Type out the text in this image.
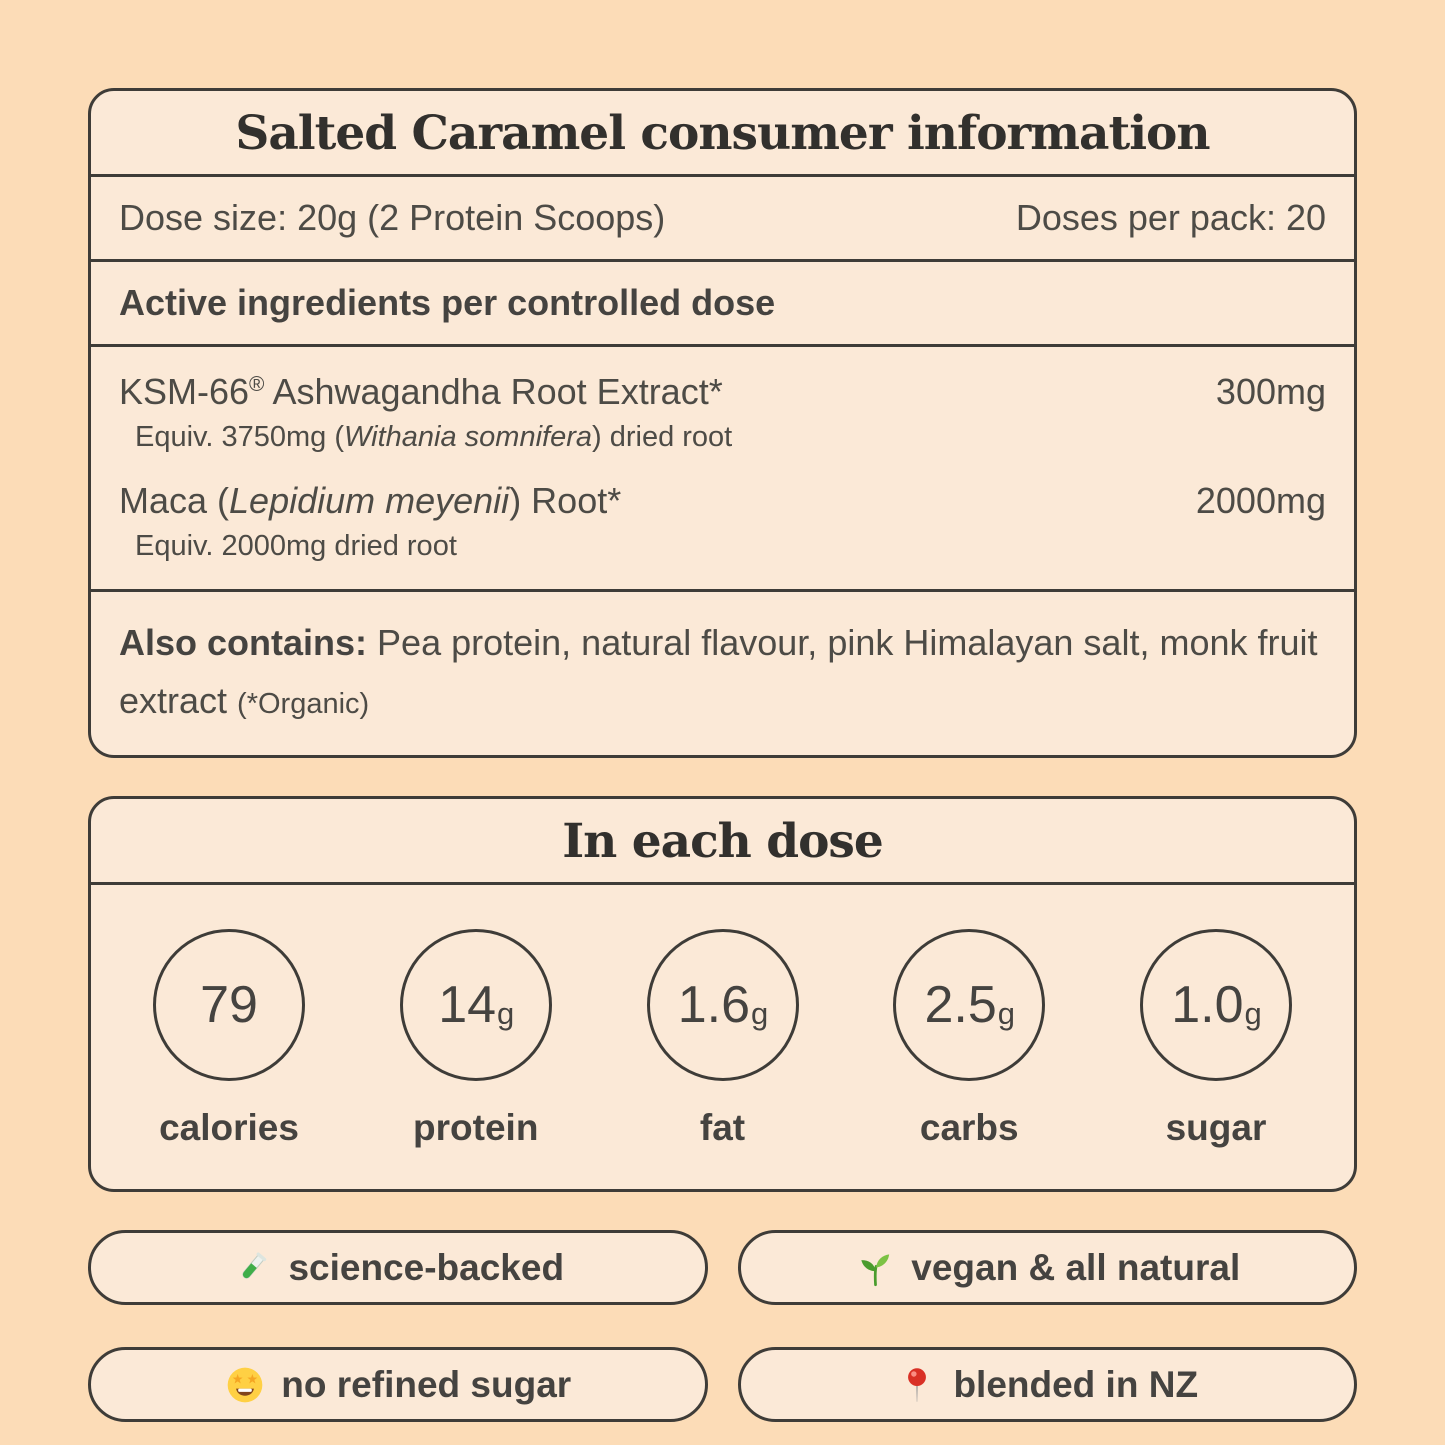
Salted Caramel consumer information
Dose size: 20g (2 Protein Scoops)	Doses per pack: 20
Active ingredients per controlled dose
KSM-66® Ashwagandha Root Extract*	300mg
Equiv. 3750mg (Withania somnifera) dried root
Maca (Lepidium meyenii) Root*	2000mg
Equiv. 2000mg dried root
Also contains: Pea protein, natural flavour, pink Himalayan salt, monk fruit extract (*Organic)
In each dose
79
calories
14 g
protein
1.6 g
fat
2.5 g
carbs
1.0 g
sugar
science-backed	vegan & all natural
no refined sugar	blended in NZ
